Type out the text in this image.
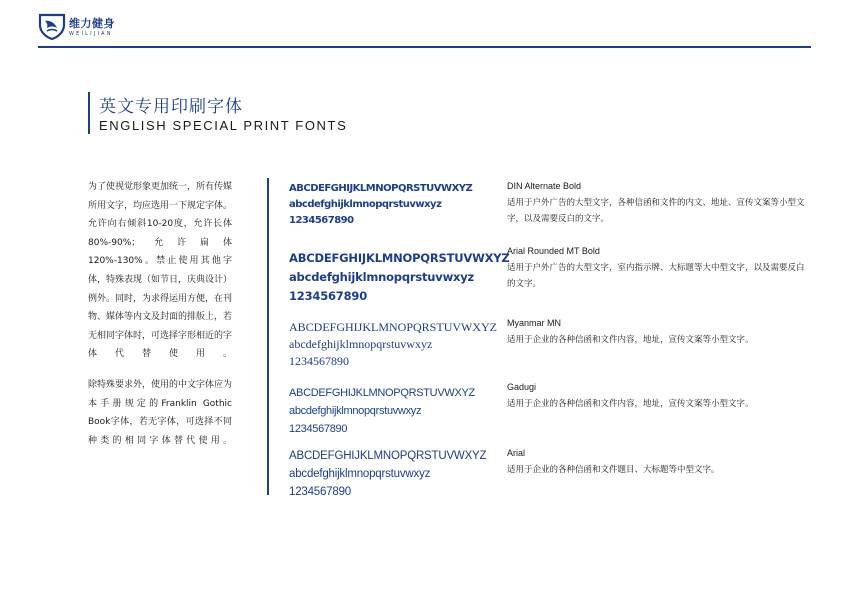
维力健身
WEILIJIAN
英文专用印刷字体
ENGLISH SPECIAL PRINT FONTS
为了使视觉形象更加统一，所有传媒所用文字，均应选用一下规定字体。允许向右倾斜10-20度，允许长体80%-90%；允许扁体120%-130%。禁止使用其他字体，特殊表现（如节日，庆典设计）例外。同时，为求得运用方便，在刊物、媒体等内文及封面的排版上，若无相同字体时，可选择字形相近的字体代替使用。
除特殊要求外，使用的中文字体应为本手册规定的Franklin Gothic Book字体，若无字体，可选择不同种类的相同字体替代使用。
ABCDEFGHIJKLMNOPQRSTUVWXYZ
abcdefghijklmnopqrstuvwxyz
1234567890
ABCDEFGHIJKLMNOPQRSTUVWXYZ
abcdefghijklmnopqrstuvwxyz
1234567890
ABCDEFGHIJKLMNOPQRSTUVWXYZ
abcdefghijklmnopqrstuvwxyz
1234567890
ABCDEFGHIJKLMNOPQRSTUVWXYZ
abcdefghijklmnopqrstuvwxyz
1234567890
ABCDEFGHIJKLMNOPQRSTUVWXYZ
abcdefghijklmnopqrstuvwxyz
1234567890
DIN Alternate Bold
适用于户外广告的大型文字，各种信函和文件的内文、地址、宣传文案等小型文字，以及需要反白的文字。
Arial Rounded MT Bold
适用于户外广告的大型文字，室内指示牌、大标题等大中型文字，以及需要反白的文字。
Myanmar MN
适用于企业的各种信函和文件内容，地址，宣传文案等小型文字。
Gadugi
适用于企业的各种信函和文件内容，地址，宣传文案等小型文字。
Arial
适用于企业的各种信函和文件题目、大标题等中型文字。
